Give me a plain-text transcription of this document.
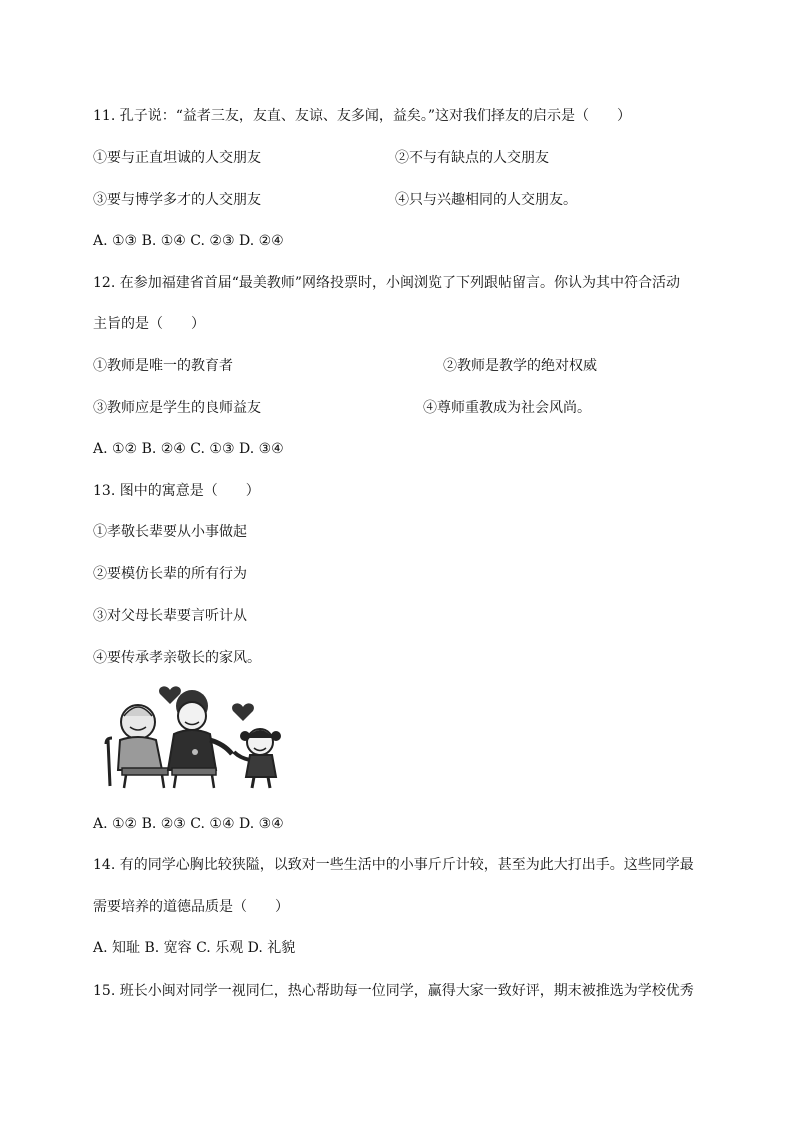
11. 孔子说：“益者三友，友直、友谅、友多闻，益矣。”这对我们择友的启示是（　　）
①要与正直坦诚的人交朋友	②不与有缺点的人交朋友
③要与博学多才的人交朋友	④只与兴趣相同的人交朋友。
A. ①③ B. ①④ C. ②③ D. ②④
12. 在参加福建省首届“最美教师”网络投票时，小闽浏览了下列跟帖留言。你认为其中符合活动
主旨的是（　　）
①教师是唯一的教育者	②教师是教学的绝对权威
③教师应是学生的良师益友	④尊师重教成为社会风尚。
A. ①② B. ②④ C. ①③ D. ③④
13. 图中的寓意是（　　）
①孝敬长辈要从小事做起
②要模仿长辈的所有行为
③对父母长辈要言听计从
④要传承孝亲敬长的家风。
A. ①② B. ②③ C. ①④ D. ③④
14. 有的同学心胸比较狭隘，以致对一些生活中的小事斤斤计较，甚至为此大打出手。这些同学最
需要培养的道德品质是（　　）
A. 知耻 B. 宽容 C. 乐观 D. 礼貌
15. 班长小闽对同学一视同仁，热心帮助每一位同学，赢得大家一致好评，期末被推选为学校优秀
